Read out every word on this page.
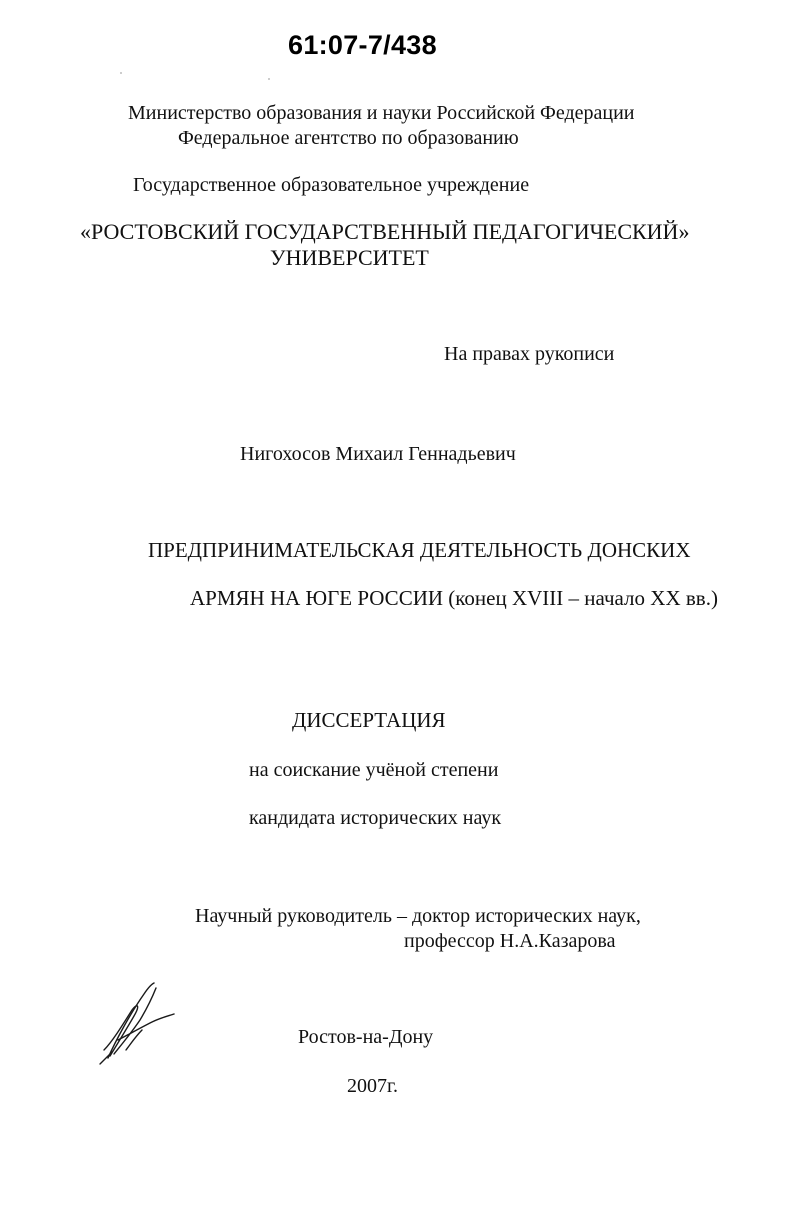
61:07-7/438
Министерство образования и науки Российской Федерации
Федеральное агентство по образованию
Государственное образовательное учреждение
«РОСТОВСКИЙ ГОСУДАРСТВЕННЫЙ ПЕДАГОГИЧЕСКИЙ»
УНИВЕРСИТЕТ
На правах рукописи
Нигохосов Михаил Геннадьевич
ПРЕДПРИНИМАТЕЛЬСКАЯ ДЕЯТЕЛЬНОСТЬ ДОНСКИХ
АРМЯН НА ЮГЕ РОССИИ (конец XVIII – начало XX вв.)
ДИССЕРТАЦИЯ
на соискание учёной степени
кандидата исторических наук
Научный руководитель – доктор исторических наук,
профессор Н.А.Казарова
Ростов-на-Дону
2007г.
